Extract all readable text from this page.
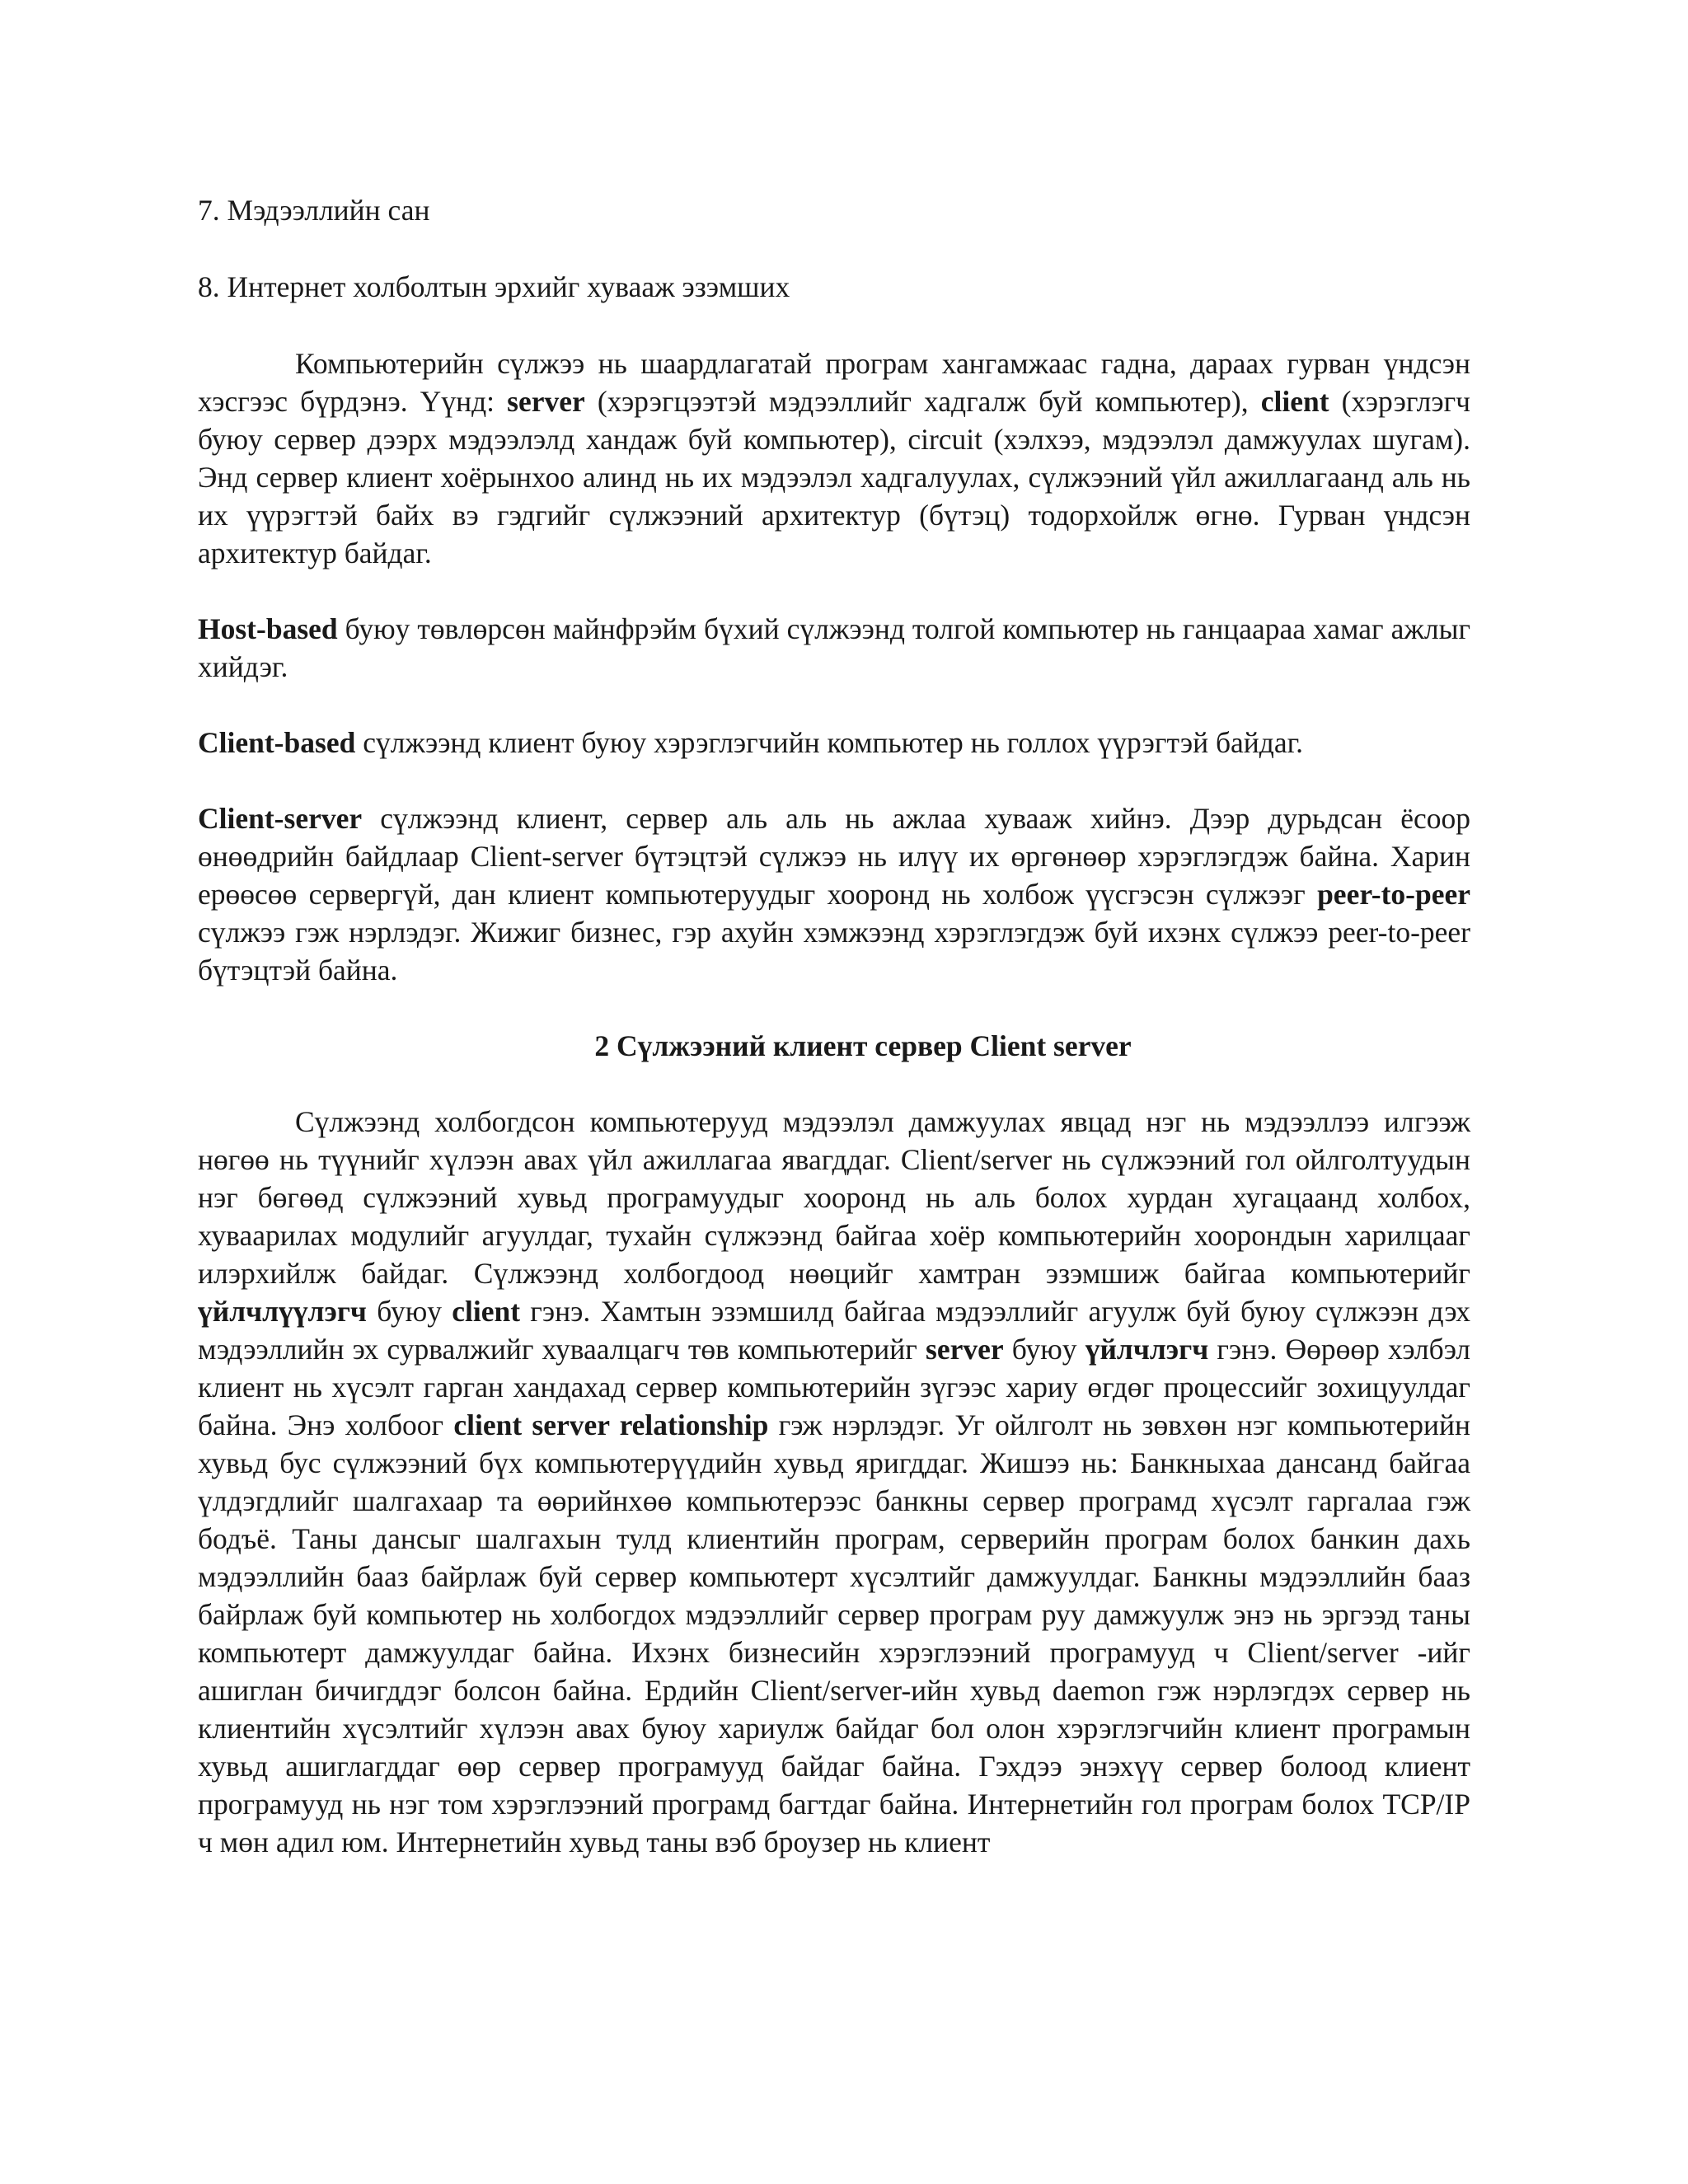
7. Мэдээллийн сан
8. Интернет холболтын эрхийг хуваaж эзэмших

Компьютерийн сүлжээ нь шаардлагатай програм хангамжаас гадна, дараах гурван үндсэн хэсгээс бүрдэнэ. Үүнд: server (хэрэгцээтэй мэдээллийг хадгалж буй компьютер), client (хэрэглэгч буюу сервер дээрх мэдээлэлд хандаж буй компьютер), circuit (хэлхээ, мэдээлэл дамжуулах шугам). Энд сервер клиент хоёрынхоо алинд нь их мэдээлэл хадгалуулах, сүлжээний үйл ажиллагаанд аль нь их үүрэгтэй байх вэ гэдгийг сүлжээний архитектур (бүтэц) тодорхойлж өгнө. Гурван үндсэн архитектур байдаг.

Host-based буюу төвлөрсөн майнфрэйм бүхий сүлжээнд толгой компьютер нь ганцаараа хамаг ажлыг хийдэг.

Client-based сүлжээнд клиент буюу хэрэглэгчийн компьютер нь голлох үүрэгтэй байдаг.

Client-server сүлжээнд клиент, сервер аль аль нь ажлаа хуваaж хийнэ. Дээр дурьдсан ёсоор өнөөдрийн байдлаар Client-server бүтэцтэй сүлжээ нь илүү их өргөнөөр хэрэглэгдэж байна. Харин ерөөсөө сервергүй, дан клиент компьютеруудыг хооронд нь холбож үүсгэсэн сүлжээг peer-to-peer сүлжээ гэж нэрлэдэг. Жижиг бизнес, гэр ахуйн хэмжээнд хэрэглэгдэж буй ихэнх сүлжээ peer-to-peer бүтэцтэй байна.

2 Сүлжээний клиент сервер Client server

Сүлжээнд холбогдсон компьютерууд мэдээлэл дамжуулах явцад нэг нь мэдээллээ илгээж нөгөө нь түүнийг хүлээн авах үйл ажиллагаа явагддаг. Client/server нь сүлжээний гол ойлголтуудын нэг бөгөөд сүлжээний хувьд програмуудыг хооронд нь аль болох хурдан хугацаанд холбох, хуваарилах модулийг агуулдаг, тухайн сүлжээнд байгаа хоёр компьютерийн хоорондын харилцааг илэрхийлж байдаг. Сүлжээнд холбогдоод нөөцийг хамтран эзэмшиж байгаа компьютерийг үйлчлүүлэгч буюу client гэнэ. Хамтын эзэмшилд байгаа мэдээллийг агуулж буй буюу сүлжээн дэх мэдээллийн эх сурвалжийг хуваалцагч төв компьютерийг server буюу үйлчлэгч гэнэ. Өөрөөр хэлбэл клиент нь хүсэлт гарган хандахад сервер компьютерийн зүгээс хариу өгдөг процессийг зохицуулдаг байна. Энэ холбоог client server relationship гэж нэрлэдэг. Уг ойлголт нь зөвхөн нэг компьютерийн хувьд бус сүлжээний бүх компьютерүүдийн хувьд яригддаг. Жишээ нь: Банкныхаа дансанд байгаа үлдэгдлийг шалгахаар та өөрийнхөө компьютерээс банкны сервер програмд хүсэлт гаргалаа гэж бодъё. Таны дансыг шалгахын тулд клиентийн програм, серверийн програм болох банкин дахь мэдээллийн бааз байрлаж буй сервер компьютерт хүсэлтийг дамжуулдаг. Банкны мэдээллийн бааз байрлаж буй компьютер нь холбогдох мэдээллийг сервер програм руу дамжуулж энэ нь эргээд таны компьютерт дамжуулдаг байна. Ихэнх бизнесийн хэрэглээний програмууд ч Client/server -ийг ашиглан бичигддэг болсон байна. Ердийн Client/server-ийн хувьд daemon гэж нэрлэгдэх сервер нь клиентийн хүсэлтийг хүлээн авах буюу хариулж байдаг бол олон хэрэглэгчийн клиент програмын хувьд ашиглагддаг өөр сервер програмууд байдаг байна. Гэхдээ энэхүү сервер болоод клиент програмууд нь нэг том хэрэглээний програмд багтдаг байна. Интернетийн гол програм болох TCP/IP ч мөн адил юм. Интернетийн хувьд таны вэб броузер нь клиент
